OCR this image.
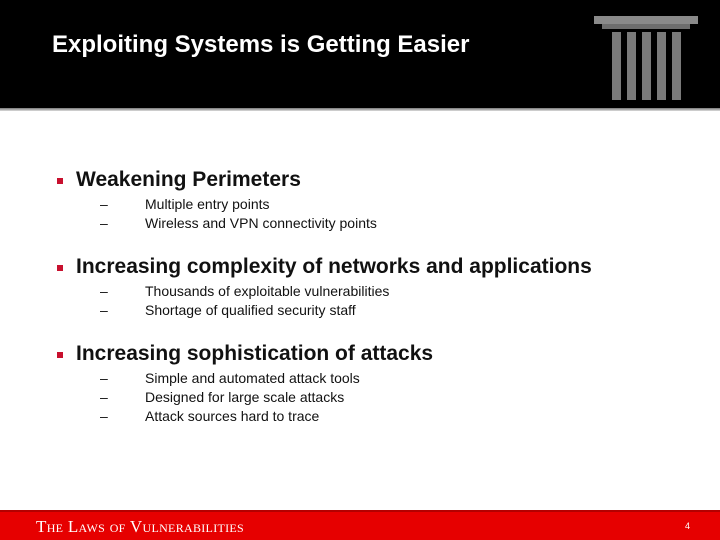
Exploiting Systems is Getting Easier
Weakening Perimeters
–	Multiple entry points
–	Wireless and VPN connectivity points
Increasing complexity of networks and applications
–	Thousands of exploitable vulnerabilities
–	Shortage of qualified security staff
Increasing sophistication of attacks
–	Simple and automated attack tools
–	Designed for large scale attacks
–	Attack sources hard to trace
THE LAWS OF VULNERABILITIES	4
